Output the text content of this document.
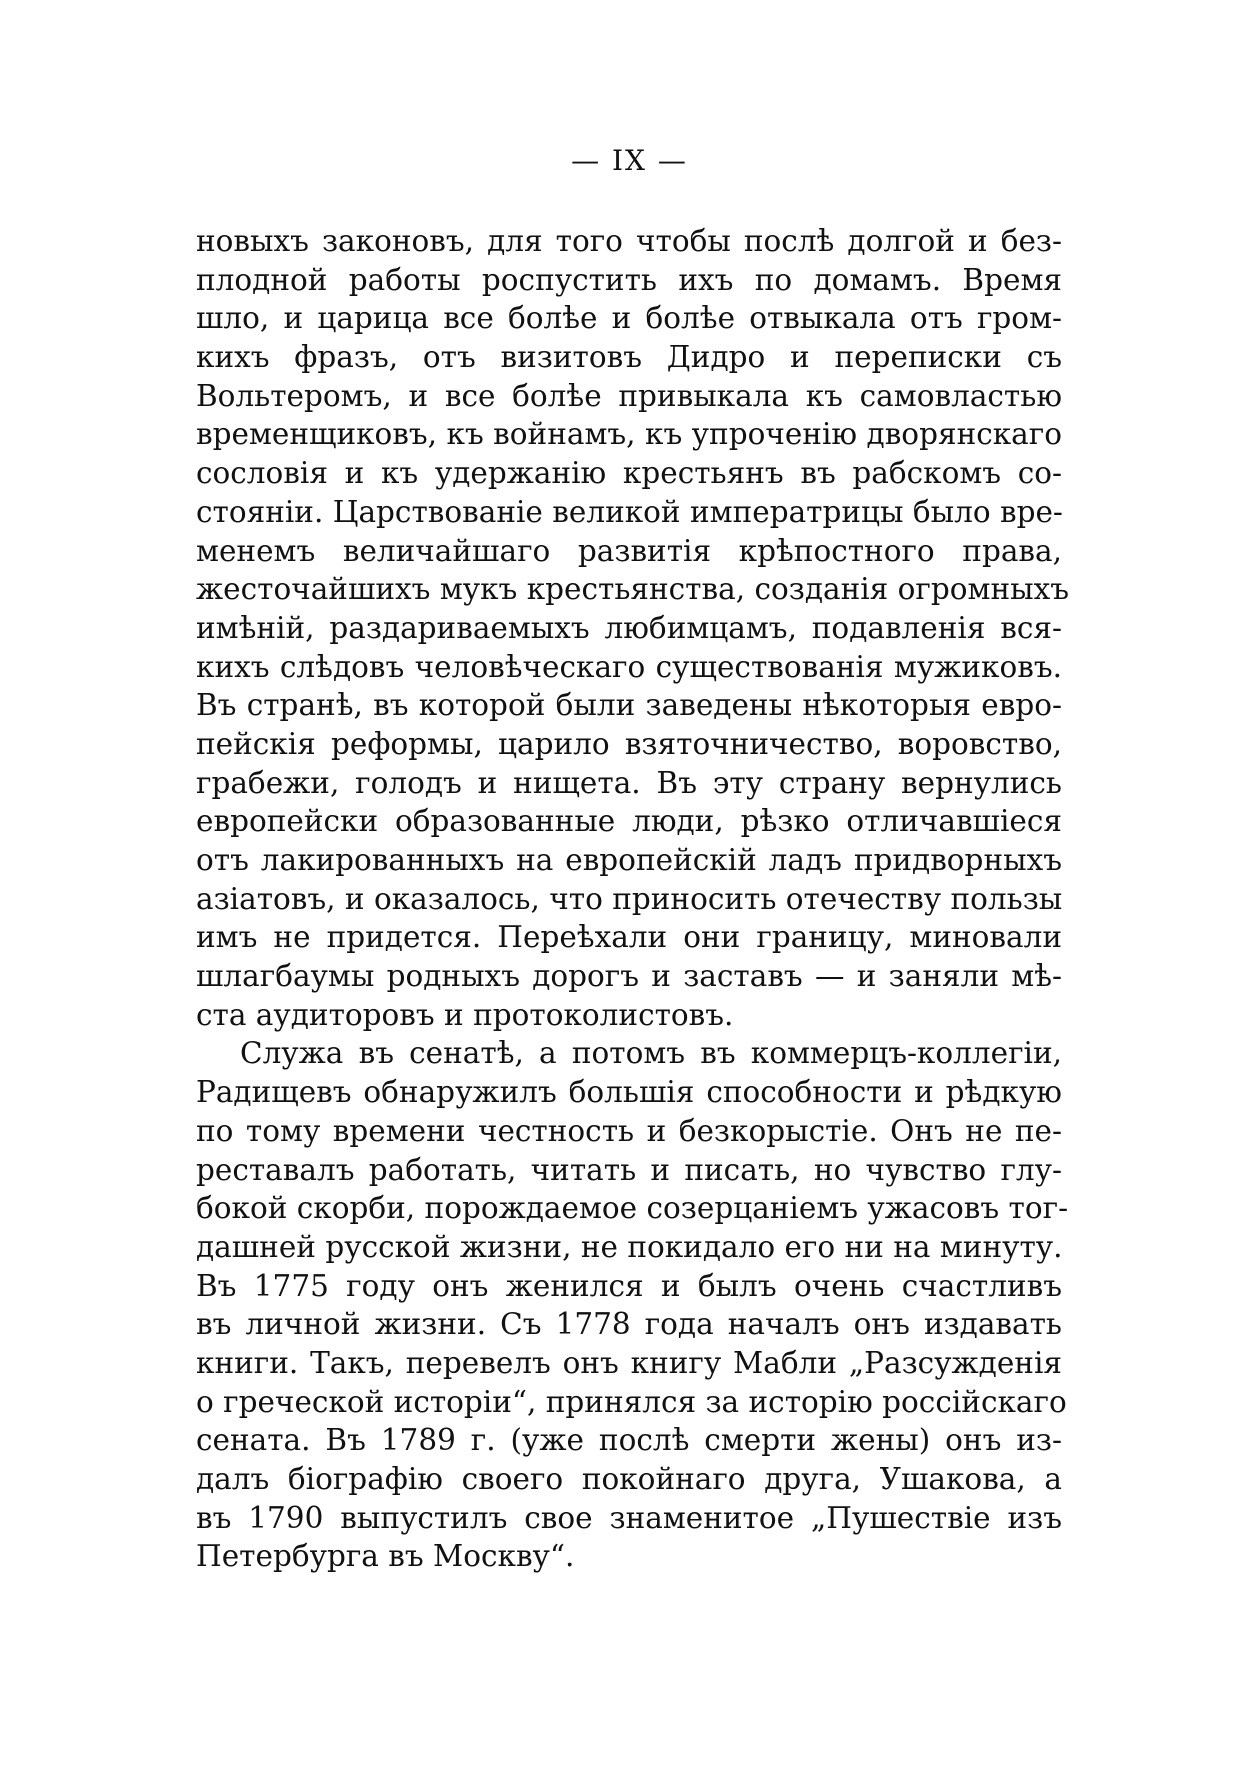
— IX —
новыхъ законовъ, для того чтобы послѣ долгой и без-
плодной работы роспустить ихъ по домамъ. Время
шло, и царица все болѣе и болѣе отвыкала отъ гром-
кихъ фразъ, отъ визитовъ Дидро и переписки съ
Вольтеромъ, и все болѣе привыкала къ самовластью
временщиковъ, къ войнамъ, къ упроченію дворянскаго
сословія и къ удержанію крестьянъ въ рабскомъ со-
стояніи. Царствованіе великой императрицы было вре-
менемъ величайшаго развитія крѣпостного права,
жесточайшихъ мукъ крестьянства, созданія огромныхъ
имѣній, раздариваемыхъ любимцамъ, подавленія вся-
кихъ слѣдовъ человѣческаго существованія мужиковъ.
Въ странѣ, въ которой были заведены нѣкоторыя евро-
пейскія реформы, царило взяточничество, воровство,
грабежи, голодъ и нищета. Въ эту страну вернулись
европейски образованные люди, рѣзко отличавшіеся
отъ лакированныхъ на европейскій ладъ придворныхъ
азіатовъ, и оказалось, что приносить отечеству пользы
имъ не придется. Переѣхали они границу, миновали
шлагбаумы родныхъ дорогъ и заставъ — и заняли мѣ-
ста аудиторовъ и протоколистовъ.
Служа въ сенатѣ, а потомъ въ коммерцъ-коллегіи,
Радищевъ обнаружилъ большія способности и рѣдкую
по тому времени честность и безкорыстіе. Онъ не пе-
реставалъ работать, читать и писать, но чувство глу-
бокой скорби, порождаемое созерцаніемъ ужасовъ тог-
дашней русской жизни, не покидало его ни на минуту.
Въ 1775 году онъ женился и былъ очень счастливъ
въ личной жизни. Съ 1778 года началъ онъ издавать
книги. Такъ, перевелъ онъ книгу Мабли „Разсужденія
о греческой исторіи“, принялся за исторію россійскаго
сената. Въ 1789 г. (уже послѣ смерти жены) онъ из-
далъ біографію своего покойнаго друга, Ушакова, а
въ 1790 выпустилъ свое знаменитое „Пушествіе изъ
Петербурга въ Москву“.
